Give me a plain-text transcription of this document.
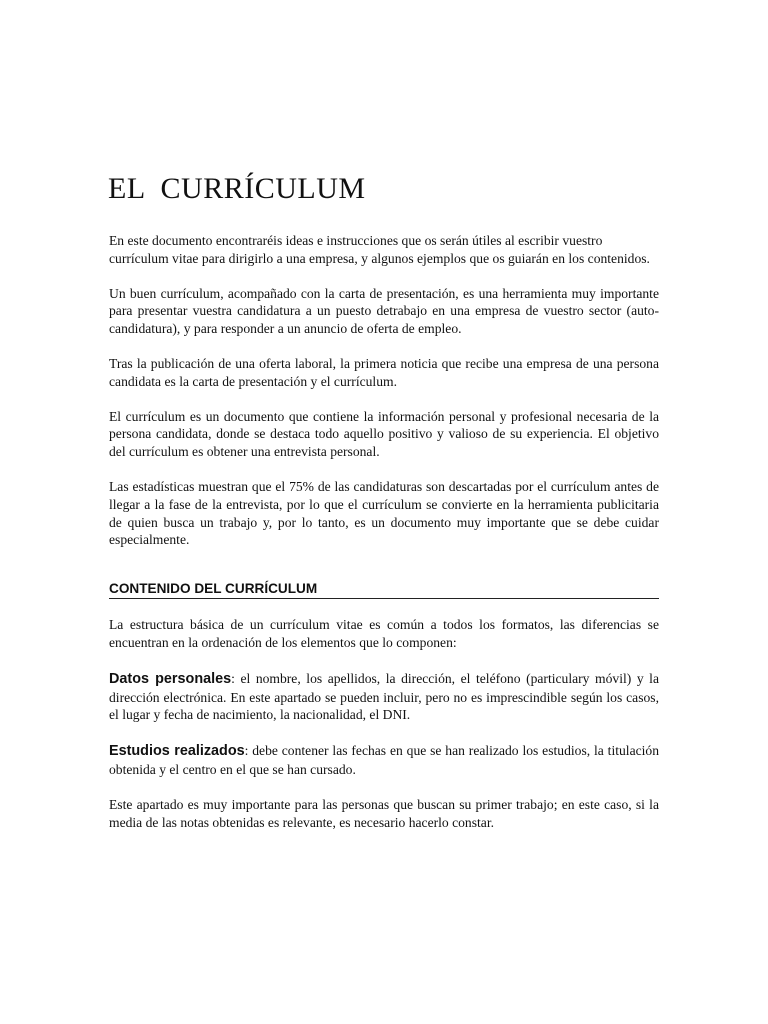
EL  CURRÍCULUM

En este documento encontraréis ideas e instrucciones que os serán útiles al escribir vuestro currículum vitae para dirigirlo a una empresa, y algunos ejemplos que os guiarán en los contenidos.

Un buen currículum, acompañado con la carta de presentación, es una herramienta muy importante para presentar vuestra candidatura a un puesto detrabajo en una empresa de vuestro sector (auto-candidatura), y para responder a un anuncio de oferta de empleo.

Tras la publicación de una oferta laboral, la primera noticia que recibe una empresa de una persona candidata es la carta de presentación y el currículum.

El currículum es un documento que contiene la información personal y profesional necesaria de la persona candidata, donde se destaca todo aquello positivo y valioso de su experiencia. El objetivo del currículum es obtener una entrevista personal.

Las estadísticas muestran que el 75% de las candidaturas son descartadas por el currículum antes de llegar a la fase de la entrevista, por lo que el currículum se convierte en la herramienta publicitaria de quien busca un trabajo y, por lo tanto, es un documento muy importante que se debe cuidar especialmente.

CONTENIDO DEL CURRÍCULUM

La estructura básica de un currículum vitae es común a todos los formatos, las diferencias se encuentran en la ordenación de los elementos que lo componen:

Datos personales: el nombre, los apellidos, la dirección, el teléfono (particulary móvil) y la dirección electrónica. En este apartado se pueden incluir, pero no es imprescindible según los casos, el lugar y fecha de nacimiento, la nacionalidad, el DNI.

Estudios realizados: debe contener las fechas en que se han realizado los estudios, la titulación obtenida y el centro en el que se han cursado.

Este apartado es muy importante para las personas que buscan su primer trabajo; en este caso, si la media de las notas obtenidas es relevante, es necesario hacerlo constar.
